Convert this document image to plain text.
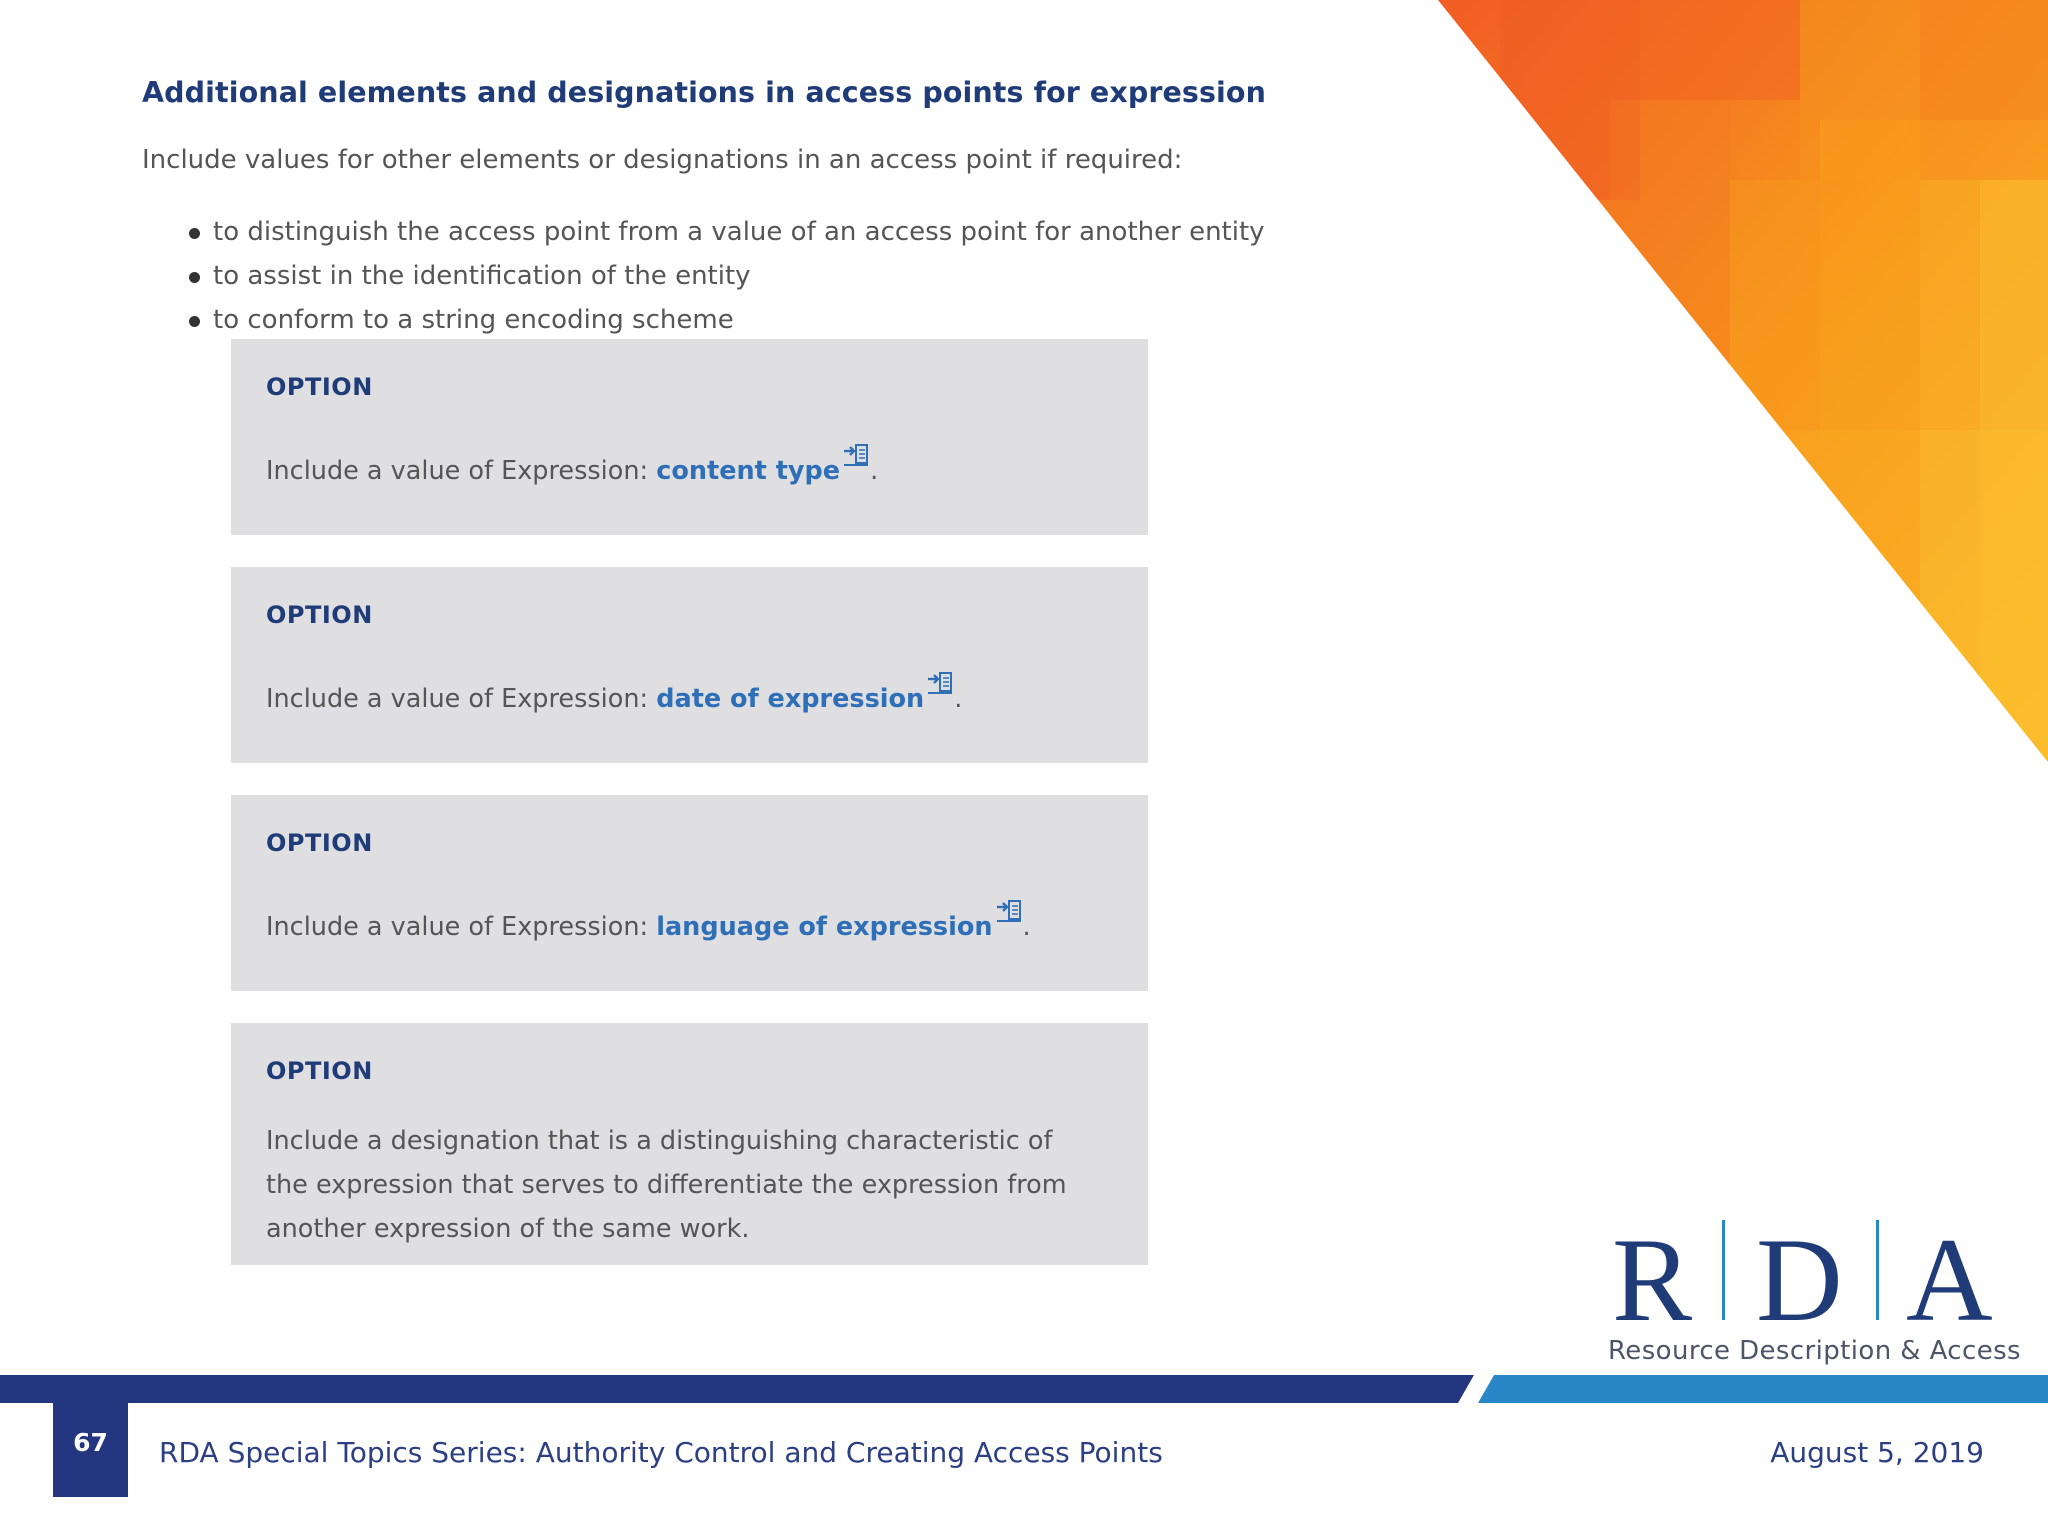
Additional elements and designations in access points for expression
Include values for other elements or designations in an access point if required:
to distinguish the access point from a value of an access point for another entity
to assist in the identification of the entity
to conform to a string encoding scheme
OPTION
Include a value of Expression: content type .
OPTION
Include a value of Expression: date of expression .
OPTION
Include a value of Expression: language of expression .
OPTION
Include a designation that is a distinguishing characteristic of the expression that serves to differentiate the expression from another expression of the same work.	R D A
Resource Description & Access
67	RDA Special Topics Series: Authority Control and Creating Access Points	August 5, 2019
